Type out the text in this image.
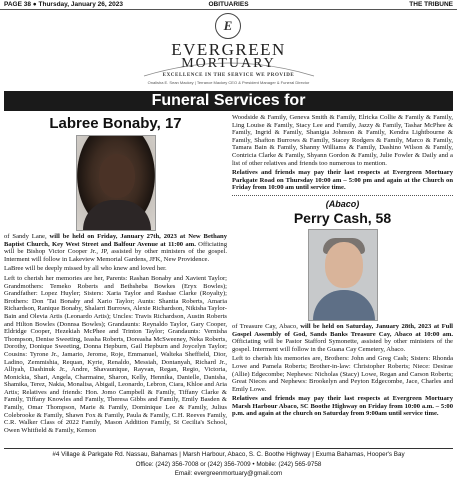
PAGE 38 ● Thursday, January 26, 2023	OBITUARIES	THE TRIBUNE
E
EVERGREEN
MORTUARY
EXCELLENCE IN THE SERVICE WE PROVIDE
Onalisha E. Sean Mackey | Terrance Mackey CEO & President Manager & Funeral Director
Funeral Services for
Labree Bonaby, 17

of Sandy Lane, will be held on Friday, January 27th, 2023 at New Bethany Baptist Church, Key West Street and Balfour Avenue at 11:00 am. Officiating will be Bishop Victor Cooper Jr., JP, assisted by other ministers of the gospel. Interment will follow in Lakeview Memorial Gardens, JFK, New Providence.

LaBree will be deeply missed by all who knew and loved her.

Left to cherish her memories are her, Parents: Rashan Bonaby and Xavient Taylor; Grandmothers: Temeko Roberts and Bethsheba Bowkes (Eryx Bowles); Grandfather: Lopez Huyler; Sisters: Xaria Taylor and Rashae Clarke (Royalty); Brothers: Don 'Tai Bonaby and Xario Taylor; Aunts: Shantia Roberts, Amaria Richardson, Ranique Bonaby, Shalarri Burrows, Alexie Richardson, Nikisha Taylor-Bain and Olevia Artis (Leonardo Artis); Uncles: Travis Richardson, Austin Roberts and Hilton Bowles (Donnsa Bowles); Grandaunts: Reynaldo Taylor, Gary Cooper, Eldridge Cooper, Hezekiah McPhee and Trinton Taylor; Grandaunts: Vernisha Thompson, Denise Sweeting, Ieasha Roberts, Doreasha McSweeney, Neka Roberts, Dorothy, Donique Sweeting, Donna Hepburn, Gail Hepburn and Joycelyn Taylor; Cousins: Tyrone Jr., Jamario, Jerome, Roje, Emmanuel, Walteka Sheffield, Dior, Ladino, Zemmishia, Requan, Kyrie, Renaldo, Messiah, Dontanyah, Richard Jr., Alliyah, Dashinuk Jr., Andre, Shavaunique, Rayvan, Regan, Regio, Victoria, Monickia, Shari, Angela, Charmaine, Sharon, Kelly, Hennika, Danielle, Danisha, Shamika, Terez, Nakia, Monalisa, Abigail, Leonardo, Lebron, Ciara, Khloe and Aria Artis; Relatives and friends: Hon. Jomo Campbell & Family, Tiffany Clarke & Family, Tiffany Knowles and Family, Theresa Gibbs and Family, Emily Basden & Family, Omar Thompson, Marie & Family, Dominique Lee & Family, Julius Colebrooke & Family, Shawn Fox & Family, Paula & Family, C.H. Reeves Family, C.R. Walker Class of 2022 Family, Mason Addition Family, St Cecilia's School, Owen Whitfield & Family, Kemon

Woodside & Family, Geneva Smith & Family, Elricka Collie & Family & Family, Ling Louise & Family, Stacy Lee and Family, Jazzy & Family, Tashar McPhee & Family, Ingrid & Family, Shanigia Johnson & Family, Kendra Lightbourne & Family, Shafton Burrows & Family, Stacey Rodgers & Family, Marco & Family, Tamara Bain & Family, Shanny Williams & Family, Dashino Wilson & Family, Contricia Clarke & Family, Shyann Gordon & Family, Julie Fowler & Daily and a list of other relatives and friends too numerous to mention.

Relatives and friends may pay their last respects at Evergreen Mortuary Parkgate Road on Thursday 10:00 am – 5:00 pm and again at the Church on Friday from 10:00 am until service time.

(Abaco)
Perry Cash, 58

of Treasure Cay, Abaco, will be held on Saturday, January 28th, 2023 at Full Gospel Assembly of God, Sands Banks Treasure Cay, Abaco at 10:00 am. Officiating will be Pastor Stafford Symonette, assisted by other ministers of the gospel. Interment will follow in the Guana Cay Cemetery, Abaco.

Left to cherish his memories are, Brothers: John and Greg Cash; Sisters: Rhonda Lowe and Pamela Roberts; Brother-in-law: Christopher Roberts; Niece: Desirae (Allie) Edgecombe; Nephews: Nicholas (Stacy) Lowe, Regan and Carson Roberts; Great Nieces and Nephews: Brookelyn and Peyton Edgecombe, Jace, Charles and Emily Lowe.

Relatives and friends may pay their last respects at Evergreen Mortuary Marsh Harbour Abaco, SC Boothe Highway on Friday from 10:00 a.m. – 5:00 p.m. and again at the church on Saturday from 9:00am until service time.

#4 Village & Parkgate Rd. Nassau, Bahamas | Marsh Harbour, Abaco, S. C. Boothe Highway | Exuma Bahamas, Hooper's Bay
Office: (242) 356-7008 or (242) 356-7009 • Mobile: (242) 565-9758
Email: evergreenmortuary@gmail.com
